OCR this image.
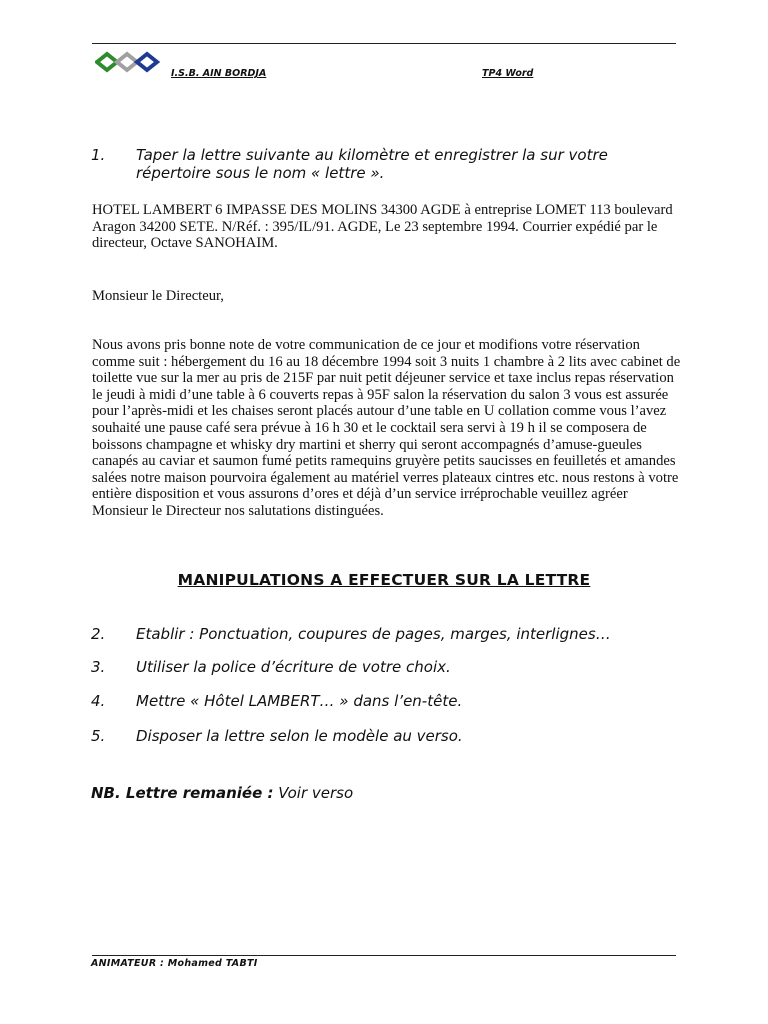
I.S.B. AIN BORDJA	TP4 Word
1. Taper la lettre suivante au kilomètre et enregistrer la sur votre
répertoire sous le nom « lettre ».
HOTEL LAMBERT 6 IMPASSE DES MOLINS 34300 AGDE à entreprise LOMET 113 boulevard Aragon 34200 SETE. N/Réf. : 395/IL/91. AGDE, Le 23 septembre 1994. Courrier expédié par le directeur, Octave SANOHAIM.
Monsieur le Directeur,
Nous avons pris bonne note de votre communication de ce jour et modifions votre réservation comme suit : hébergement du 16 au 18 décembre 1994 soit 3 nuits 1 chambre à 2 lits avec cabinet de toilette vue sur la mer au pris de 215F par nuit petit déjeuner service et taxe inclus repas réservation le jeudi à midi d’une table à 6 couverts repas à 95F salon la réservation du salon 3 vous est assurée pour l’après-midi et les chaises seront placés autour d’une table en U collation comme vous l’avez souhaité une pause café sera prévue à 16 h 30 et le cocktail sera servi à 19 h il se composera de boissons champagne et whisky dry martini et sherry qui seront accompagnés d’amuse-gueules canapés au caviar et saumon fumé petits ramequins gruyère petits saucisses en feuilletés et amandes salées notre maison pourvoira également au matériel verres plateaux cintres etc. nous restons à votre entière disposition et vous assurons d’ores et déjà d’un service irréprochable veuillez agréer Monsieur le Directeur nos salutations distinguées.
MANIPULATIONS A EFFECTUER SUR LA LETTRE
2. Etablir : Ponctuation, coupures de pages, marges, interlignes…
3. Utiliser la police d’écriture de votre choix.
4. Mettre « Hôtel LAMBERT… » dans l’en-tête.
5. Disposer la lettre selon le modèle au verso.
NB. Lettre remaniée : Voir verso
ANIMATEUR : Mohamed TABTI
